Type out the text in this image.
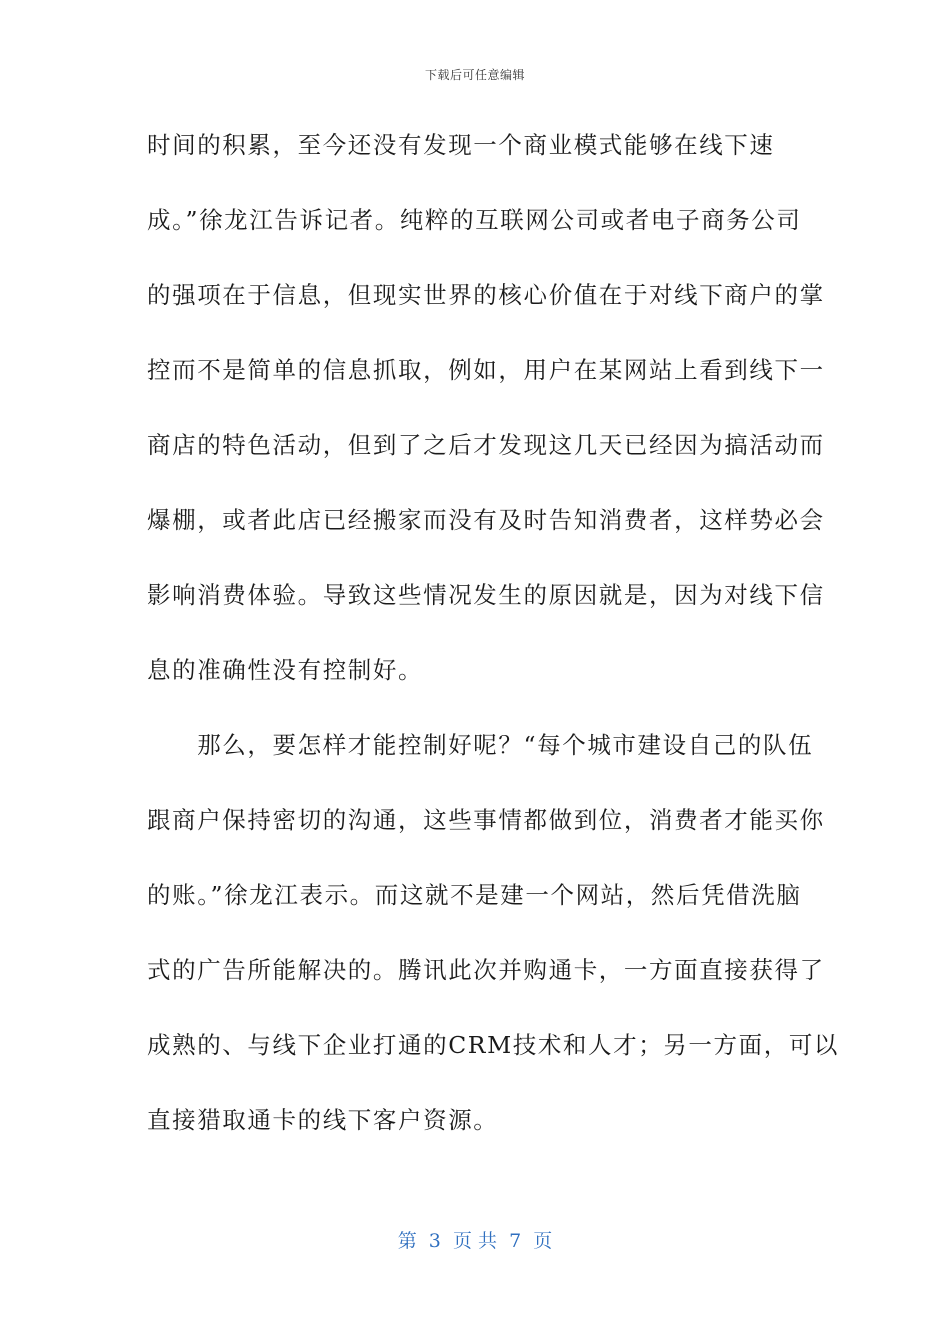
下载后可任意编辑
时间的积累，至今还没有发现一个商业模式能够在线下速
成。”徐龙江告诉记者。纯粹的互联网公司或者电子商务公司
的强项在于信息，但现实世界的核心价值在于对线下商户的掌
控而不是简单的信息抓取，例如，用户在某网站上看到线下一
商店的特色活动，但到了之后才发现这几天已经因为搞活动而
爆棚，或者此店已经搬家而没有及时告知消费者，这样势必会
影响消费体验。导致这些情况发生的原因就是，因为对线下信
息的准确性没有控制好。
　　那么，要怎样才能控制好呢？“每个城市建设自己的队伍
跟商户保持密切的沟通，这些事情都做到位，消费者才能买你
的账。”徐龙江表示。而这就不是建一个网站，然后凭借洗脑
式的广告所能解决的。腾讯此次并购通卡，一方面直接获得了
成熟的、与线下企业打通的CRM技术和人才；另一方面，可以
直接猎取通卡的线下客户资源。
第  3  页 共  7  页
